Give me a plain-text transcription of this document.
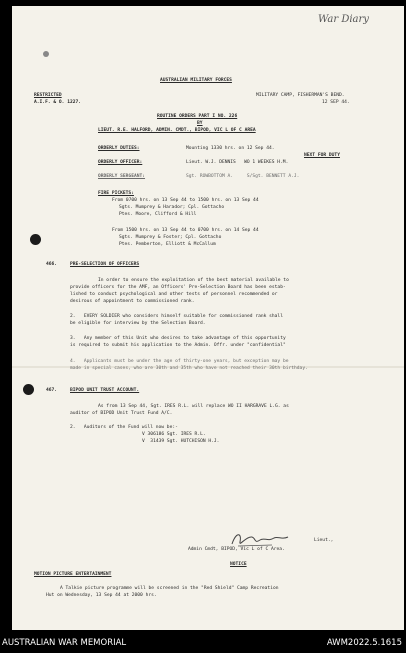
War Diary
AUSTRALIAN MILITARY FORCES
RESTRICTED
A.I.F. & O. 1227.
MILITARY CAMP, FISHERMAN'S BEND.
12 SEP 44.
ROUTINE ORDERS PART I NO. 226
BY
LIEUT. R.E. HALFORD, ADMIN. CMDT., BIPOD, VIC L OF C AREA
ORDERLY DUTIES:	Mounting 1330 hrs. on 12 Sep 44.
NEXT FOR DUTY
ORDERLY OFFICER:	Lieut. W.J. DENNIS   WO 1 WEEKES H.M.
ORDERLY SERGEANT:	Sgt. ROWBOTTOM A.     S/Sgt. BENNETT A.J.
FIRE PICKETS:
From 0700 hrs. on 13 Sep 44 to 1500 hrs. on 13 Sep 44
Sgts. Mumprey & Harador; Cpl. Gottacho
Ptes. Moore, Clifford & Hill
From 1500 hrs. on 13 Sep 44 to 0700 hrs. on 14 Sep 44
Sgts. Mumprey & Foster; Cpl. Gottacho
Ptes. Pemberton, Elliott & McCallum
466.	PRE-SELECTION OF OFFICERS
In order to ensure the exploitation of the best material available to
provide officers for the AMF, an Officers' Pre-Selection Board has been estab-
lished to conduct psychological and other tests of personnel recommended or
desirous of appointment to commissioned rank.
2.   EVERY SOLDIER who considers himself suitable for commissioned rank shall
be eligible for interview by the Selection Board.
3.   Any member of this Unit who desires to take advantage of this opportunity
is required to submit his application to the Admin. Offr. under "confidential"
4.   Applicants must be under the age of thirty-one years, but exception may be
made in special cases, who are 30th and 35th who have not reached their 30th birthday.
467.	BIPOD UNIT TRUST ACCOUNT.
As from 13 Sep 44, Sgt. IRES R.L. will replace WO II HARGRAVE L.G. as
auditor of BIPOD Unit Trust Fund A/C.
2.   Auditors of the Fund will now be:-
V 306186 Sgt. IRES R.L.
V  31439 Sgt. HUTCHISON H.J.
Lieut.,
Admin Cmdt, BIPOD, Vic L of C Area.
NOTICE
MOTION PICTURE ENTERTAINMENT
A Talkie picture programme will be screened in the "Red Shield" Camp Recreation
Hut on Wednesday, 13 Sep 44 at 2000 hrs.
AUSTRALIAN WAR MEMORIAL	AWM2022.5.1615
